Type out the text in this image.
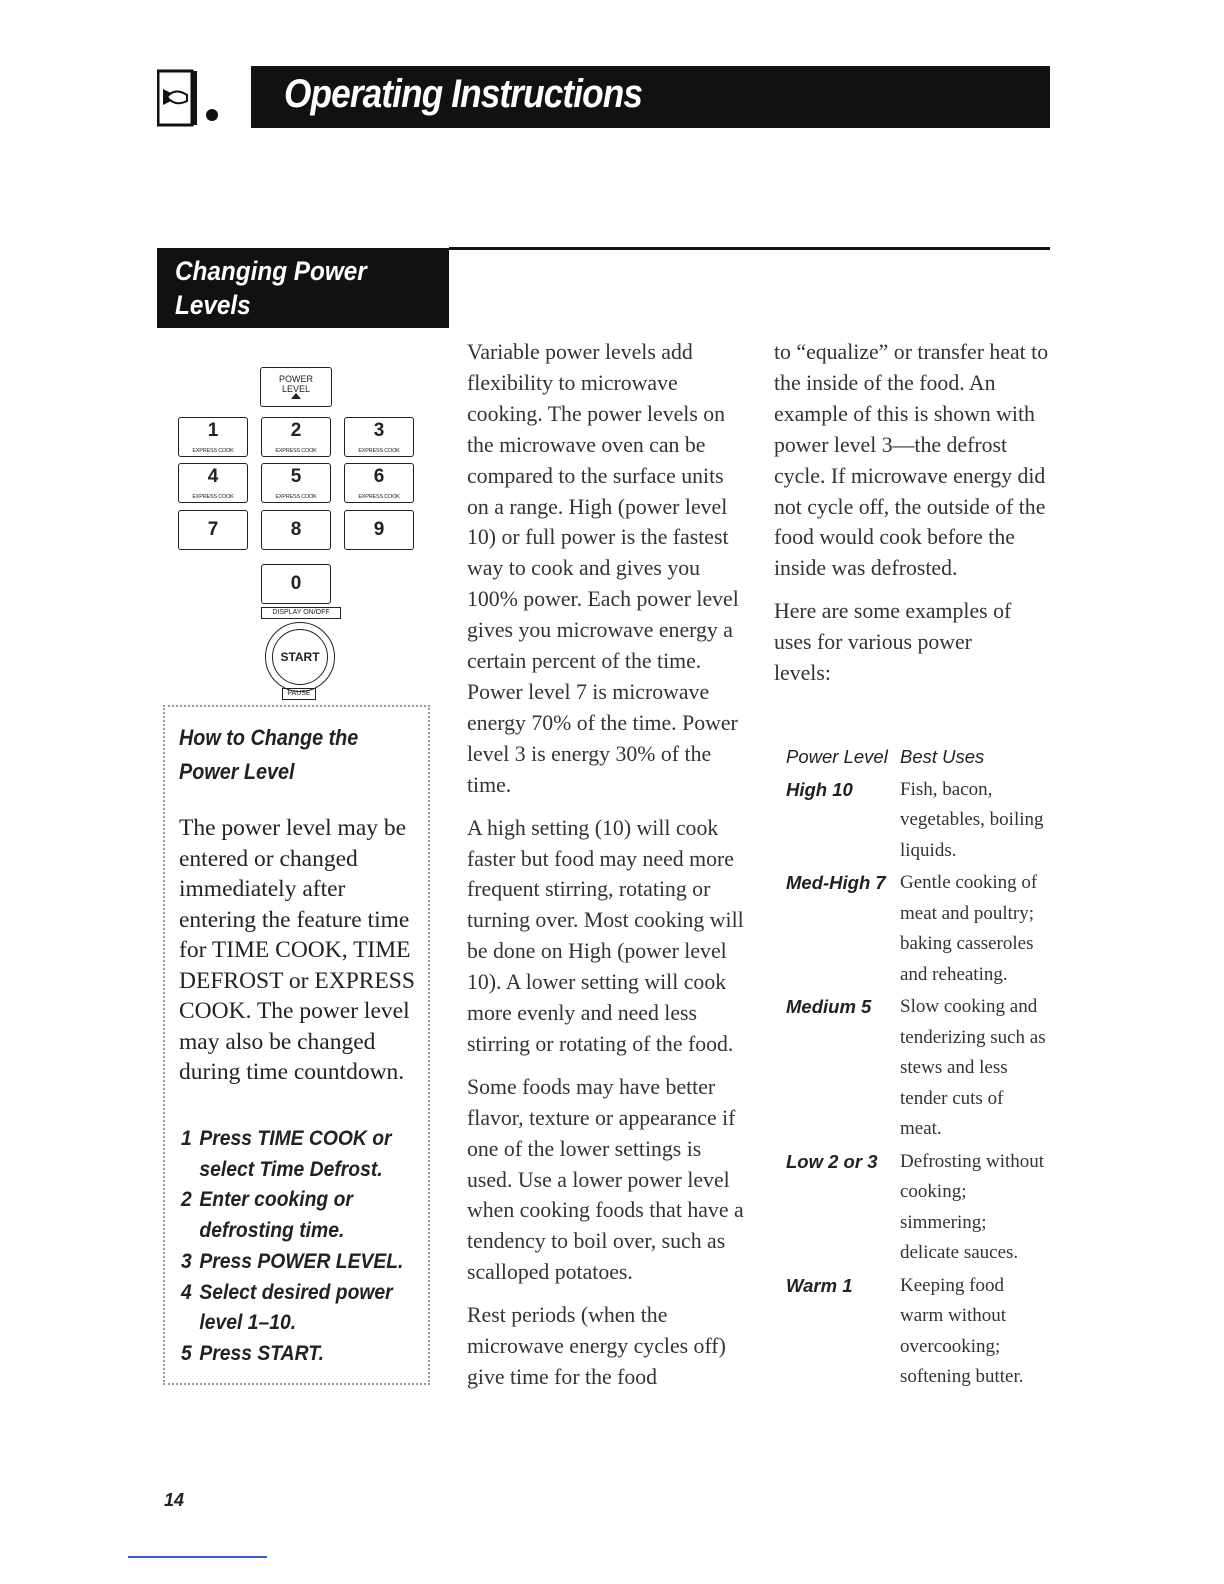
Operating Instructions
Changing Power
Levels
POWER
LEVEL
1
EXPRESS COOK
2
EXPRESS COOK
3
EXPRESS COOK
4
EXPRESS COOK
5
EXPRESS COOK
6
EXPRESS COOK
7	8	9
0
DISPLAY ON/OFF
START
PAUSE
How to Change the
Power Level
The power level may be entered or changed immediately after entering the feature time for TIME COOK, TIME DEFROST or EXPRESS COOK. The power level may also be changed during time countdown.
1 Press TIME COOK or select Time Defrost.
2 Enter cooking or defrosting time.
3 Press POWER LEVEL.
4 Select desired power level 1–10.
5 Press START.

Variable power levels add flexibility to microwave cooking. The power levels on the microwave oven can be compared to the surface units on a range. High (power level 10) or full power is the fastest way to cook and gives you 100% power. Each power level gives you microwave energy a certain percent of the time. Power level 7 is microwave energy 70% of the time. Power level 3 is energy 30% of the time.

A high setting (10) will cook faster but food may need more frequent stirring, rotating or turning over. Most cooking will be done on High (power level 10). A lower setting will cook more evenly and need less stirring or rotating of the food.

Some foods may have better flavor, texture or appearance if one of the lower settings is used. Use a lower power level when cooking foods that have a tendency to boil over, such as scalloped potatoes.

Rest periods (when the microwave energy cycles off) give time for the food

to “equalize” or transfer heat to the inside of the food. An example of this is shown with power level 3—the defrost cycle. If microwave energy did not cycle off, the outside of the food would cook before the inside was defrosted.

Here are some examples of uses for various power levels:

Power Level	Best Uses
High 10	Fish, bacon, vegetables, boiling liquids.
Med-High 7	Gentle cooking of meat and poultry; baking casseroles and reheating.
Medium 5	Slow cooking and tenderizing such as stews and less tender cuts of meat.
Low 2 or 3	Defrosting without cooking; simmering; delicate sauces.
Warm 1	Keeping food warm without overcooking; softening butter.
14
